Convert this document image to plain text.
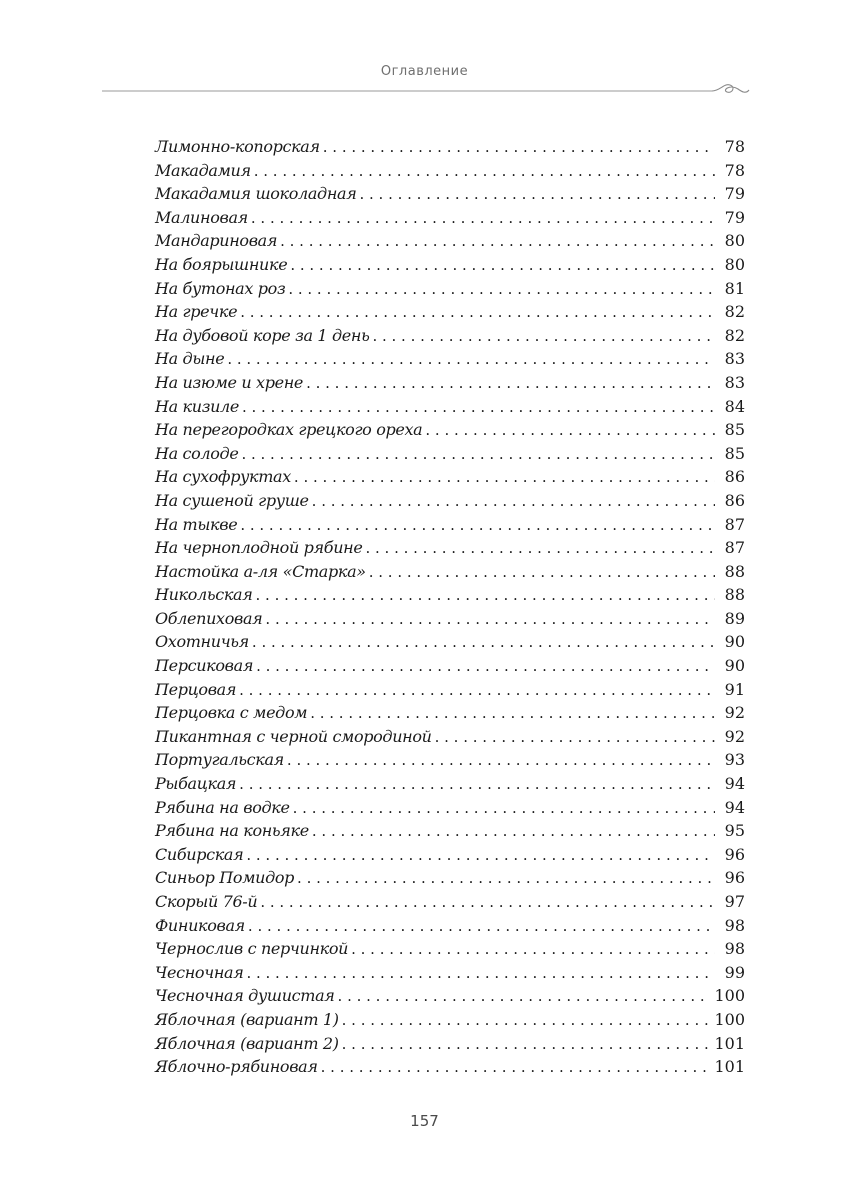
Оглавление
Лимонно-копорская . . .	78
Макадамия . . .	78
Макадамия шоколадная . . .	79
Малиновая . . .	79
Мандариновая . . .	80
На боярышнике . . .	80
На бутонах роз . . .	81
На гречке . . .	82
На дубовой коре за 1 день . . .	82
На дыне . . .	83
На изюме и хрене . . .	83
На кизиле . . .	84
На перегородках грецкого ореха . . .	85
На солоде . . .	85
На сухофруктах . . .	86
На сушеной груше . . .	86
На тыкве . . .	87
На черноплодной рябине . . .	87
Настойка а-ля «Старка» . . .	88
Никольская . . .	88
Облепиховая . . .	89
Охотничья . . .	90
Персиковая . . .	90
Перцовая . . .	91
Перцовка с медом . . .	92
Пикантная с черной смородиной . . .	92
Португальская . . .	93
Рыбацкая . . .	94
Рябина на водке . . .	94
Рябина на коньяке . . .	95
Сибирская . . .	96
Синьор Помидор . . .	96
Скорый 76-й . . .	97
Финиковая . . .	98
Чернослив с перчинкой . . .	98
Чесночная . . .	99
Чесночная душистая . . .	100
Яблочная (вариант 1) . . .	100
Яблочная (вариант 2) . . .	101
Яблочно-рябиновая . . .	101
157
